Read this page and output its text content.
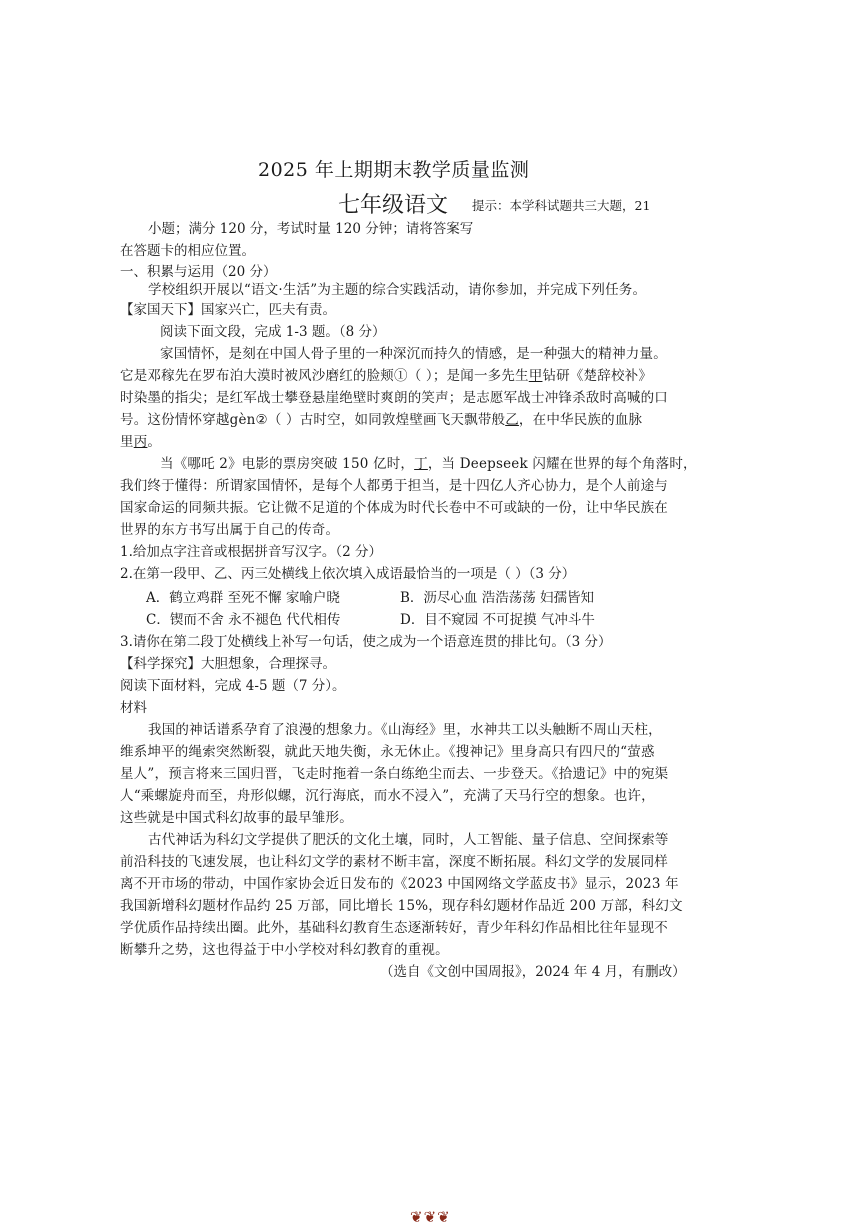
2025 年上期期末教学质量监测
七年级语文 提示：本学科试题共三大题，21
小题；满分 120 分，考试时量 120 分钟；请将答案写
在答题卡的相应位置。
一、积累与运用（20 分）
学校组织开展以“语文·生活”为主题的综合实践活动，请你参加，并完成下列任务。
【家国天下】国家兴亡，匹夫有责。
阅读下面文段，完成 1-3 题。（8 分）
家国情怀，是刻在中国人骨子里的一种深沉而持久的情感，是一种强大的精神力量。
它是邓稼先在罗布泊大漠时被风沙磨红的脸颊①（ ）；是闻一多先生甲钻研《楚辞校补》
时染墨的指尖；是红军战士攀登悬崖绝壁时爽朗的笑声；是志愿军战士冲锋杀敌时高喊的口
号。这份情怀穿越gèn②（ ）古时空，如同敦煌壁画飞天飘带般乙，在中华民族的血脉
里丙。
当《哪吒 2》电影的票房突破 150 亿时，丁，当 Deepseek 闪耀在世界的每个角落时，
我们终于懂得：所谓家国情怀，是每个人都勇于担当，是十四亿人齐心协力，是个人前途与
国家命运的同频共振。它让微不足道的个体成为时代长卷中不可或缺的一份，让中华民族在
世界的东方书写出属于自己的传奇。
1.给加点字注音或根据拼音写汉字。（2 分）
2.在第一段甲、乙、丙三处横线上依次填入成语最恰当的一项是（ ）（3 分）
A．鹤立鸡群 至死不懈 家喻户晓	B．沥尽心血 浩浩荡荡 妇孺皆知
C．锲而不舍 永不褪色 代代相传	D．目不窥园 不可捉摸 气冲斗牛
3.请你在第二段丁处横线上补写一句话，使之成为一个语意连贯的排比句。（3 分）
【科学探究】大胆想象，合理探寻。
阅读下面材料，完成 4-5 题（7 分）。
材料
我国的神话谱系孕育了浪漫的想象力。《山海经》里，水神共工以头触断不周山天柱，
维系坤平的绳索突然断裂，就此天地失衡，永无休止。《搜神记》里身高只有四尺的“萤惑
星人”，预言将来三国归晋，飞走时拖着一条白练绝尘而去、一步登天。《拾遗记》中的宛渠
人“乘螺旋舟而至，舟形似螺，沉行海底，而水不浸入”，充满了天马行空的想象。也许，
这些就是中国式科幻故事的最早雏形。
古代神话为科幻文学提供了肥沃的文化土壤，同时，人工智能、量子信息、空间探索等
前沿科技的飞速发展，也让科幻文学的素材不断丰富，深度不断拓展。科幻文学的发展同样
离不开市场的带动，中国作家协会近日发布的《2023 中国网络文学蓝皮书》显示，2023 年
我国新增科幻题材作品约 25 万部，同比增长 15%，现存科幻题材作品近 200 万部，科幻文
学优质作品持续出圈。此外，基础科幻教育生态逐渐转好，青少年科幻作品相比往年显现不
断攀升之势，这也得益于中小学校对科幻教育的重视。
（选自《文创中国周报》，2024 年 4 月，有删改）
❦❦❦
